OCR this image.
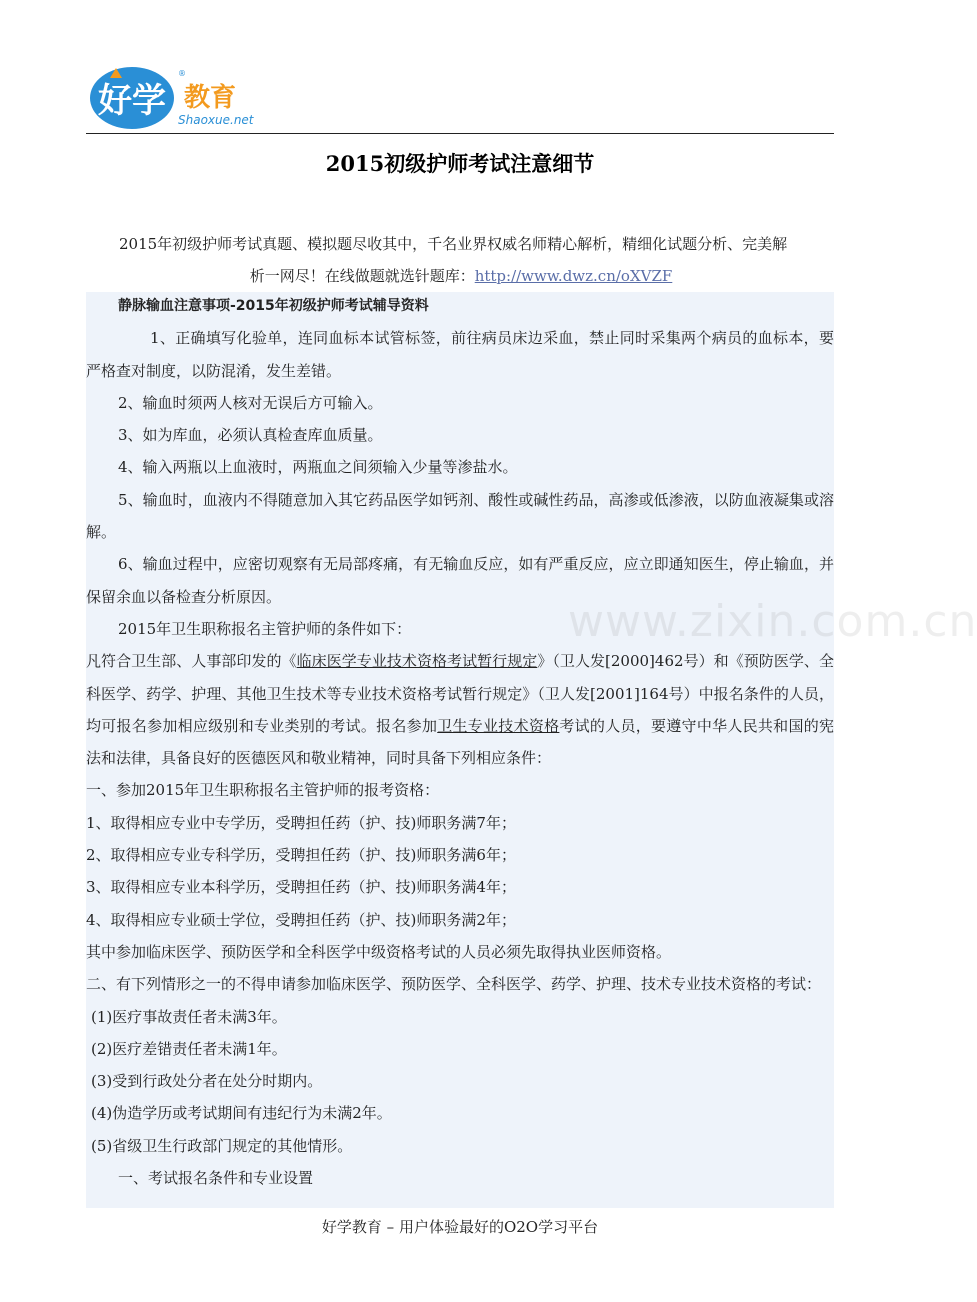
好学
®
教育
Shaoxue.net
2015初级护师考试注意细节

2015年初级护师考试真题、模拟题尽收其中，千名业界权威名师精心解析，精细化试题分析、完美解

析一网尽！在线做题就选针题库：http://www.dwz.cn/oXVZF

静脉输血注意事项-2015年初级护师考试辅导资料

1、正确填写化验单，连同血标本试管标签，前往病员床边采血，禁止同时采集两个病员的血标本，要严格查对制度，以防混淆，发生差错。

2、输血时须两人核对无误后方可输入。

3、如为库血，必须认真检查库血质量。

4、输入两瓶以上血液时，两瓶血之间须输入少量等渗盐水。

5、输血时，血液内不得随意加入其它药品医学如钙剂、酸性或碱性药品，高渗或低渗液，以防血液凝集或溶解。

6、输血过程中，应密切观察有无局部疼痛，有无输血反应，如有严重反应，应立即通知医生，停止输血，并保留余血以备检查分析原因。

2015年卫生职称报名主管护师的条件如下：

凡符合卫生部、人事部印发的《临床医学专业技术资格考试暂行规定》（卫人发[2000]462号）和《预防医学、全科医学、药学、护理、其他卫生技术等专业技术资格考试暂行规定》（卫人发[2001]164号）中报名条件的人员，均可报名参加相应级别和专业类别的考试。报名参加卫生专业技术资格考试的人员，要遵守中华人民共和国的宪法和法律，具备良好的医德医风和敬业精神，同时具备下列相应条件：

一、参加2015年卫生职称报名主管护师的报考资格：

1、取得相应专业中专学历，受聘担任药（护、技)师职务满7年；

2、取得相应专业专科学历，受聘担任药（护、技)师职务满6年；

3、取得相应专业本科学历，受聘担任药（护、技)师职务满4年；

4、取得相应专业硕士学位，受聘担任药（护、技)师职务满2年；

其中参加临床医学、预防医学和全科医学中级资格考试的人员必须先取得执业医师资格。

二、有下列情形之一的不得申请参加临床医学、预防医学、全科医学、药学、护理、技术专业技术资格的考试：

(1)医疗事故责任者未满3年。

(2)医疗差错责任者未满1年。

(3)受到行政处分者在处分时期内。

(4)伪造学历或考试期间有违纪行为未满2年。

(5)省级卫生行政部门规定的其他情形。

一、考试报名条件和专业设置

www.zixin.com.cn
好学教育 – 用户体验最好的O2O学习平台
